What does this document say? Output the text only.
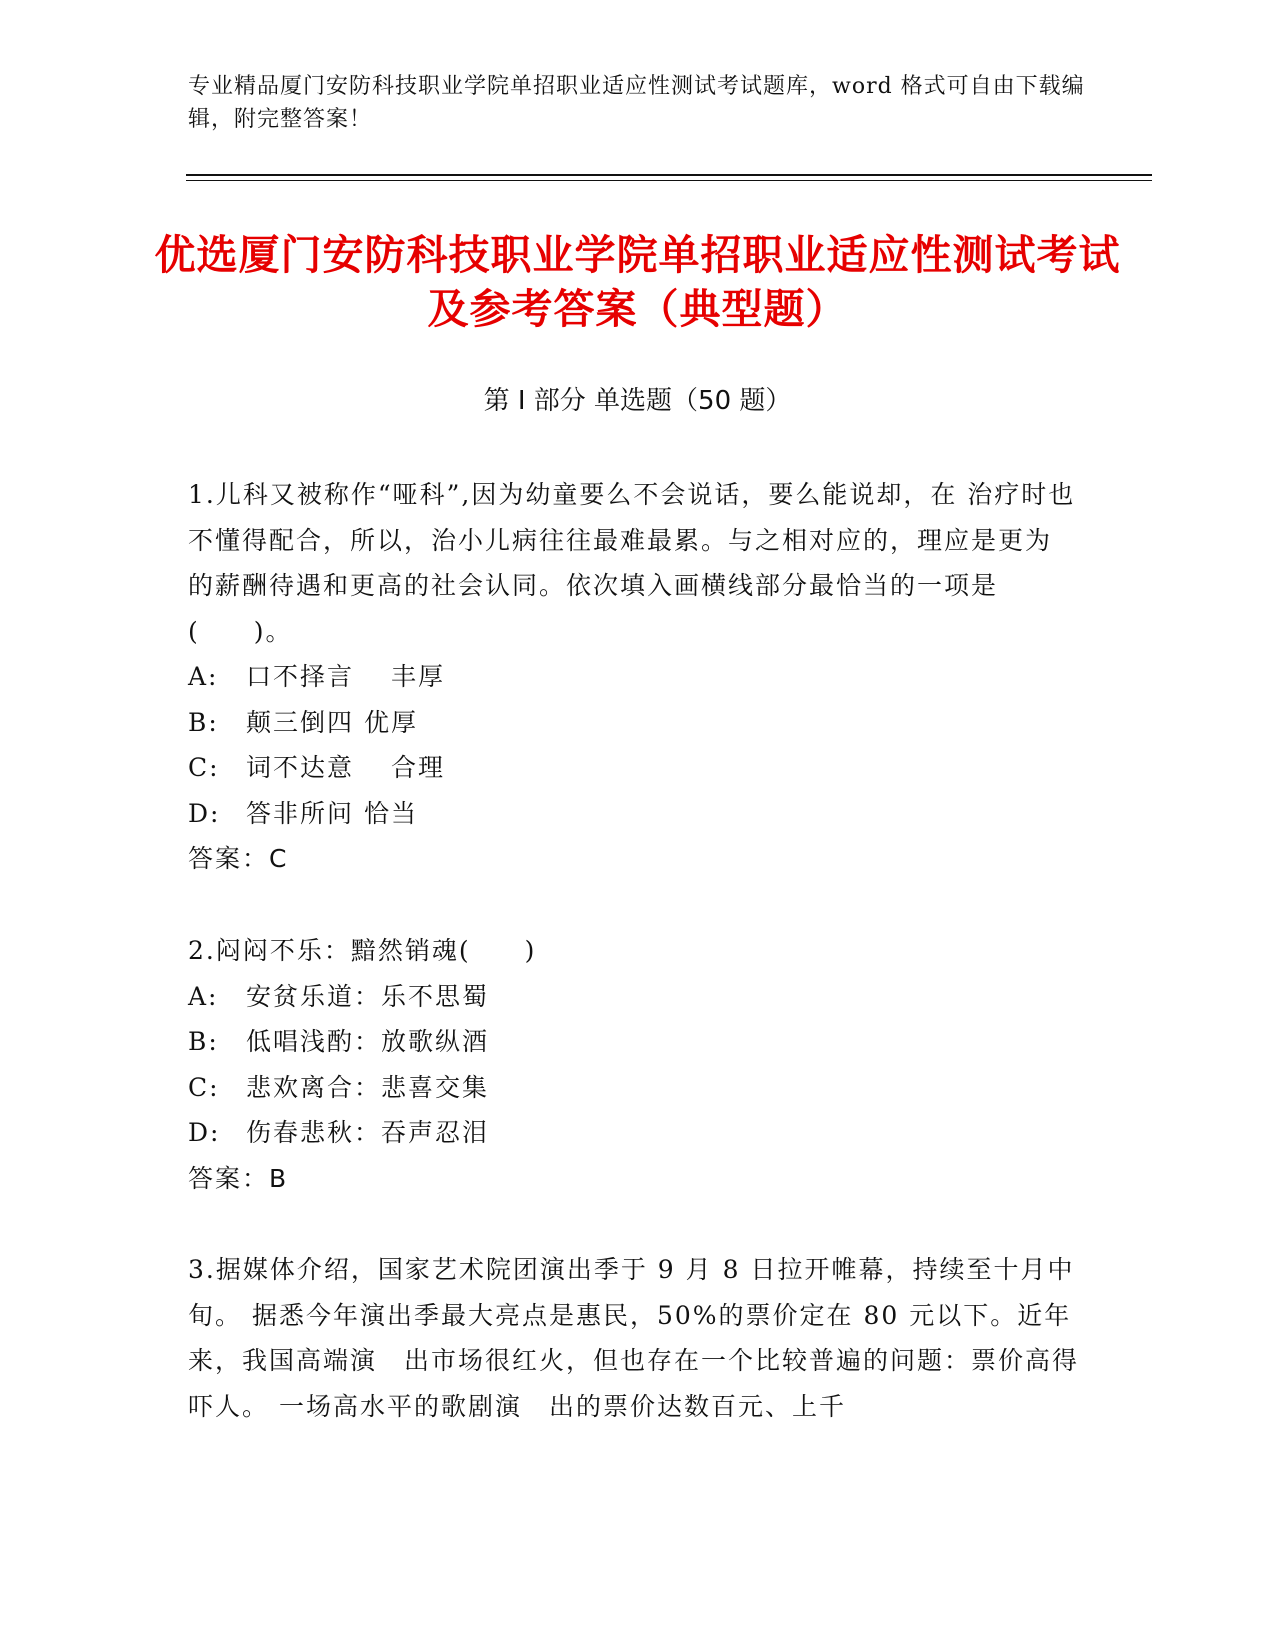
专业精品厦门安防科技职业学院单招职业适应性测试考试题库，word 格式可自由下载编辑，附完整答案！
优选厦门安防科技职业学院单招职业适应性测试考试及参考答案（典型题）
第 I 部分 单选题（50 题）

1.儿科又被称作“哑科”,因为幼童要么不会说话，要么能说却，在 治疗时也不懂得配合，所以，治小儿病往往最难最累。与之相对应的，理应是更为　　　的薪酬待遇和更高的社会认同。依次填入画横线部分最恰当的一项是(　　)。

A:	口不择言　 丰厚
B:	颠三倒四 优厚
C:	词不达意　 合理
D:	答非所问 恰当

答案：C

2.闷闷不乐：黯然销魂(　　)

A:	安贫乐道：乐不思蜀
B:	低唱浅酌：放歌纵酒
C:	悲欢离合：悲喜交集
D:	伤春悲秋：吞声忍泪

答案：B

3.据媒体介绍，国家艺术院团演出季于 9 月 8 日拉开帷幕，持续至十月中旬。 据悉今年演出季最大亮点是惠民，50%的票价定在 80 元以下。近年来，我国高端演　出市场很红火，但也存在一个比较普遍的问题：票价高得吓人。 一场高水平的歌剧演　出的票价达数百元、上千
